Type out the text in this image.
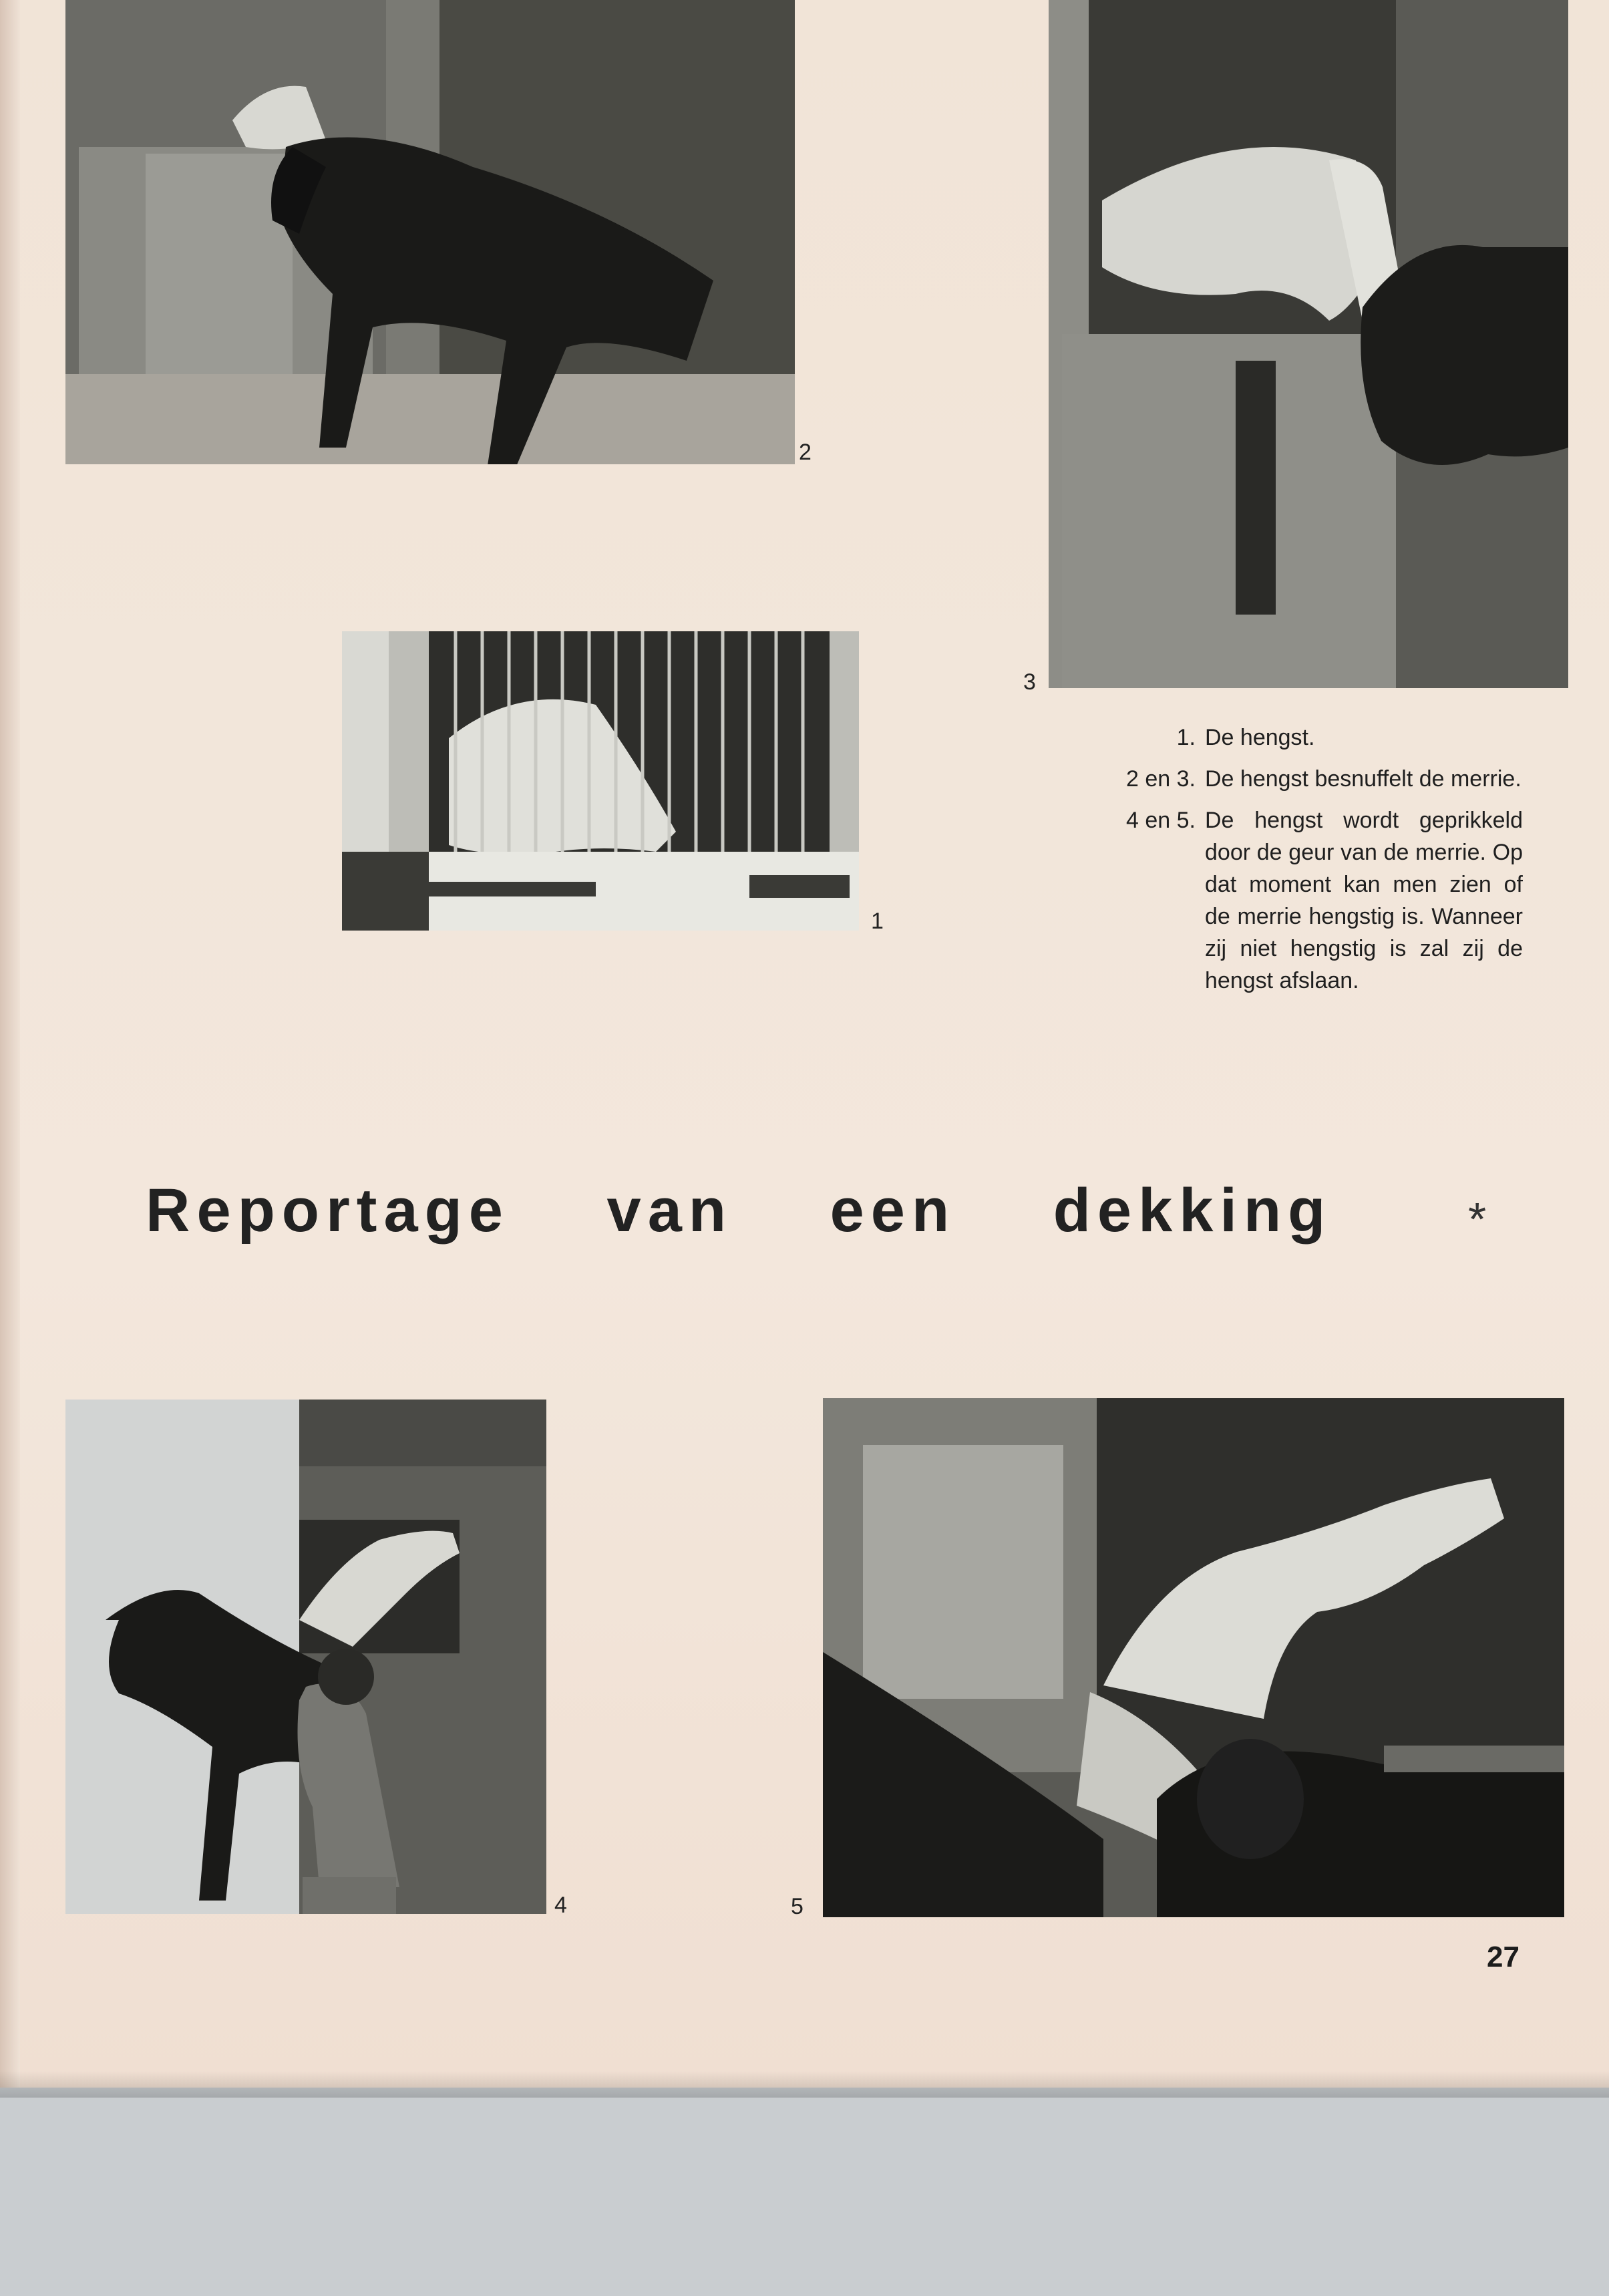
2
3
1
1. De hengst.
2 en 3. De hengst besnuffelt de merrie.
4 en 5. De hengst wordt geprikkeld door de geur van de merrie. Op dat moment kan men zien of de merrie hengstig is. Wanneer zij niet hengstig is zal zij de hengst afslaan.
Reportage van een dekking	*
4	5
27
